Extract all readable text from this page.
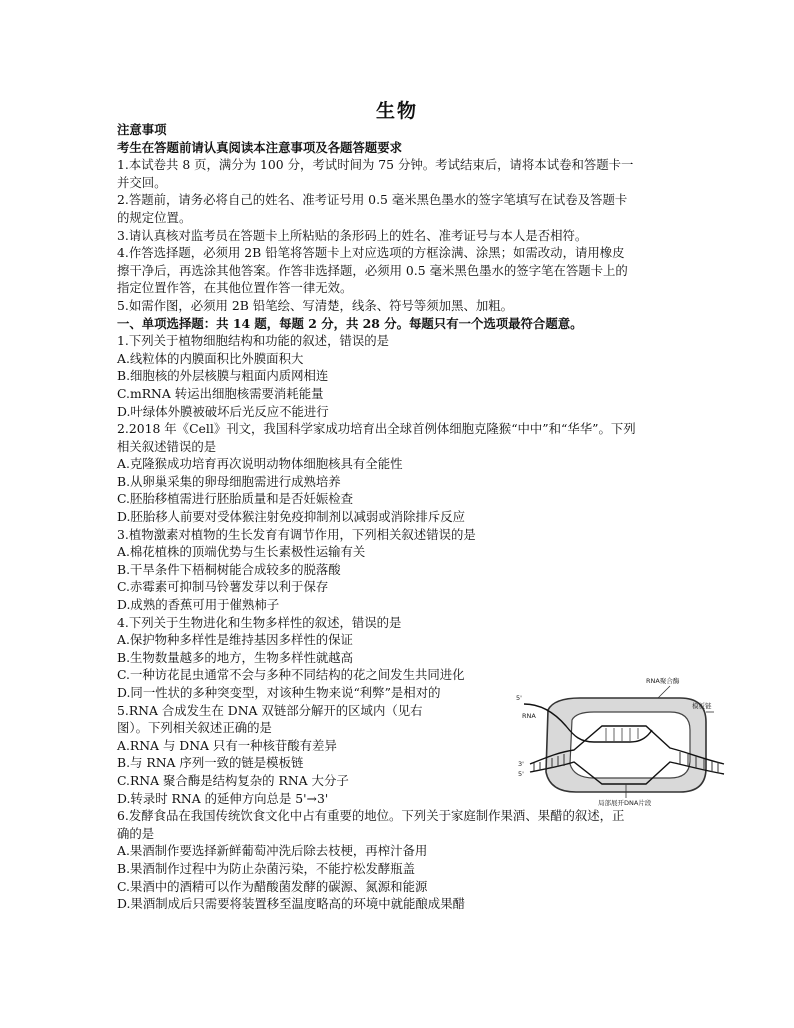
生物
注意事项
考生在答题前请认真阅读本注意事项及各题答题要求
1.本试卷共 8 页，满分为 100 分，考试时间为 75 分钟。考试结束后，请将本试卷和答题卡一
并交回。
2.答题前，请务必将自己的姓名、准考证号用 0.5 毫米黑色墨水的签字笔填写在试卷及答题卡
的规定位置。
3.请认真核对监考员在答题卡上所粘贴的条形码上的姓名、准考证号与本人是否相符。
4.作答选择题，必须用 2B 铅笔将答题卡上对应选项的方框涂满、涂黑；如需改动，请用橡皮
擦干净后，再选涂其他答案。作答非选择题，必须用 0.5 毫米黑色墨水的签字笔在答题卡上的
指定位置作答，在其他位置作答一律无效。
5.如需作图，必须用 2B 铅笔绘、写清楚，线条、符号等须加黑、加粗。
一、单项选择题：共 14 题，每题 2 分，共 28 分。每题只有一个选项最符合题意。
1.下列关于植物细胞结构和功能的叙述，错误的是
A.线粒体的内膜面积比外膜面积大
B.细胞核的外层核膜与粗面内质网相连
C.mRNA 转运出细胞核需要消耗能量
D.叶绿体外膜被破坏后光反应不能进行
2.2018 年《Cell》刊文，我国科学家成功培育出全球首例体细胞克隆猴“中中”和“华华”。下列
相关叙述错误的是
A.克隆猴成功培育再次说明动物体细胞核具有全能性
B.从卵巢采集的卵母细胞需进行成熟培养
C.胚胎移植需进行胚胎质量和是否妊娠检查
D.胚胎移人前要对受体猴注射免疫抑制剂以减弱或消除排斥反应
3.植物激素对植物的生长发育有调节作用，下列相关叙述错误的是
A.棉花植株的顶端优势与生长素极性运输有关
B.干旱条件下梧桐树能合成较多的脱落酸
C.赤霉素可抑制马铃薯发芽以利于保存
D.成熟的香蕉可用于催熟柿子
4.下列关于生物进化和生物多样性的叙述，错误的是
A.保护物种多样性是维持基因多样性的保证
B.生物数量越多的地方，生物多样性就越高
C.一种访花昆虫通常不会与多种不同结构的花之间发生共同进化
D.同一性状的多种突变型，对该种生物来说“利弊”是相对的
5.RNA 合成发生在 DNA 双链部分解开的区域内（见右
图）。下列相关叙述正确的是
A.RNA 与 DNA 只有一种核苷酸有差异
B.与 RNA 序列一致的链是模板链
C.RNA 聚合酶是结构复杂的 RNA 大分子
D.转录时 RNA 的延伸方向总是 5'→3'
6.发酵食品在我国传统饮食文化中占有重要的地位。下列关于家庭制作果酒、果醋的叙述，正
确的是
A.果酒制作要选择新鲜葡萄冲洗后除去枝梗，再榨汁备用
B.果酒制作过程中为防止杂菌污染，不能拧松发酵瓶盖
C.果酒中的酒精可以作为醋酸菌发酵的碳源、氮源和能源
D.果酒制成后只需要将装置移至温度略高的环境中就能酿成果醋
RNA聚合酶
模板链
RNA
5'
3'
5'
局部展开DNA片段
